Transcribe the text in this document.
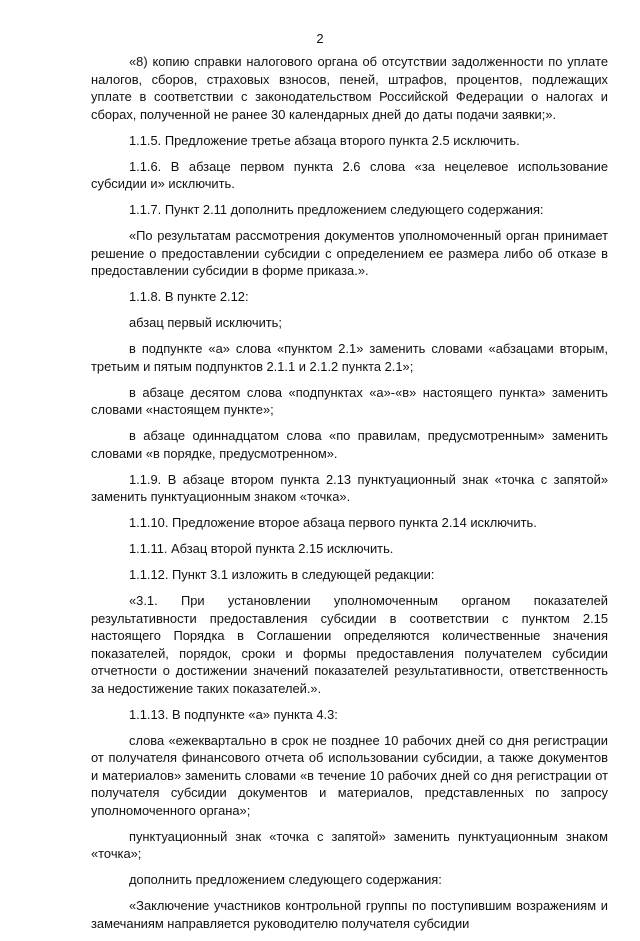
2

«8) копию справки налогового органа об отсутствии задолженности по уплате налогов, сборов, страховых взносов, пеней, штрафов, процентов, подлежащих уплате в соответствии с законодательством Российской Федерации о налогах и сборах, полученной не ранее 30 календарных дней до даты подачи заявки;».

1.1.5. Предложение третье абзаца второго пункта 2.5 исключить.

1.1.6. В абзаце первом пункта 2.6 слова «за нецелевое использование субсидии и» исключить.

1.1.7. Пункт 2.11 дополнить предложением следующего содержания:

«По результатам рассмотрения документов уполномоченный орган принимает решение о предоставлении субсидии с определением ее размера либо об отказе в предоставлении субсидии в форме приказа.».

1.1.8. В пункте 2.12:

абзац первый исключить;

в подпункте «а» слова «пунктом 2.1» заменить словами «абзацами вторым, третьим и пятым подпунктов 2.1.1 и 2.1.2 пункта 2.1»;

в абзаце десятом слова «подпунктах «а»-«в» настоящего пункта» заменить словами «настоящем пункте»;

в абзаце одиннадцатом слова «по правилам, предусмотренным» заменить словами «в порядке, предусмотренном».

1.1.9. В абзаце втором пункта 2.13 пунктуационный знак «точка с запятой» заменить пунктуационным знаком «точка».

1.1.10. Предложение второе абзаца первого пункта 2.14 исключить.

1.1.11. Абзац второй пункта 2.15 исключить.

1.1.12. Пункт 3.1 изложить в следующей редакции:

«3.1. При установлении уполномоченным органом показателей результативности предоставления субсидии в соответствии с пунктом 2.15 настоящего Порядка в Соглашении определяются количественные значения показателей, порядок, сроки и формы предоставления получателем субсидии отчетности о достижении значений показателей результативности, ответственность за недостижение таких показателей.».

1.1.13. В подпункте «а» пункта 4.3:

слова «ежеквартально в срок не позднее 10 рабочих дней со дня регистрации от получателя финансового отчета об использовании субсидии, а также документов и материалов» заменить словами «в течение 10 рабочих дней со дня регистрации от получателя субсидии документов и материалов, представленных по запросу уполномоченного органа»;

пунктуационный знак «точка с запятой» заменить пунктуационным знаком «точка»;

дополнить предложением следующего содержания:

«Заключение участников контрольной группы по поступившим возражениям и замечаниям направляется руководителю получателя субсидии
